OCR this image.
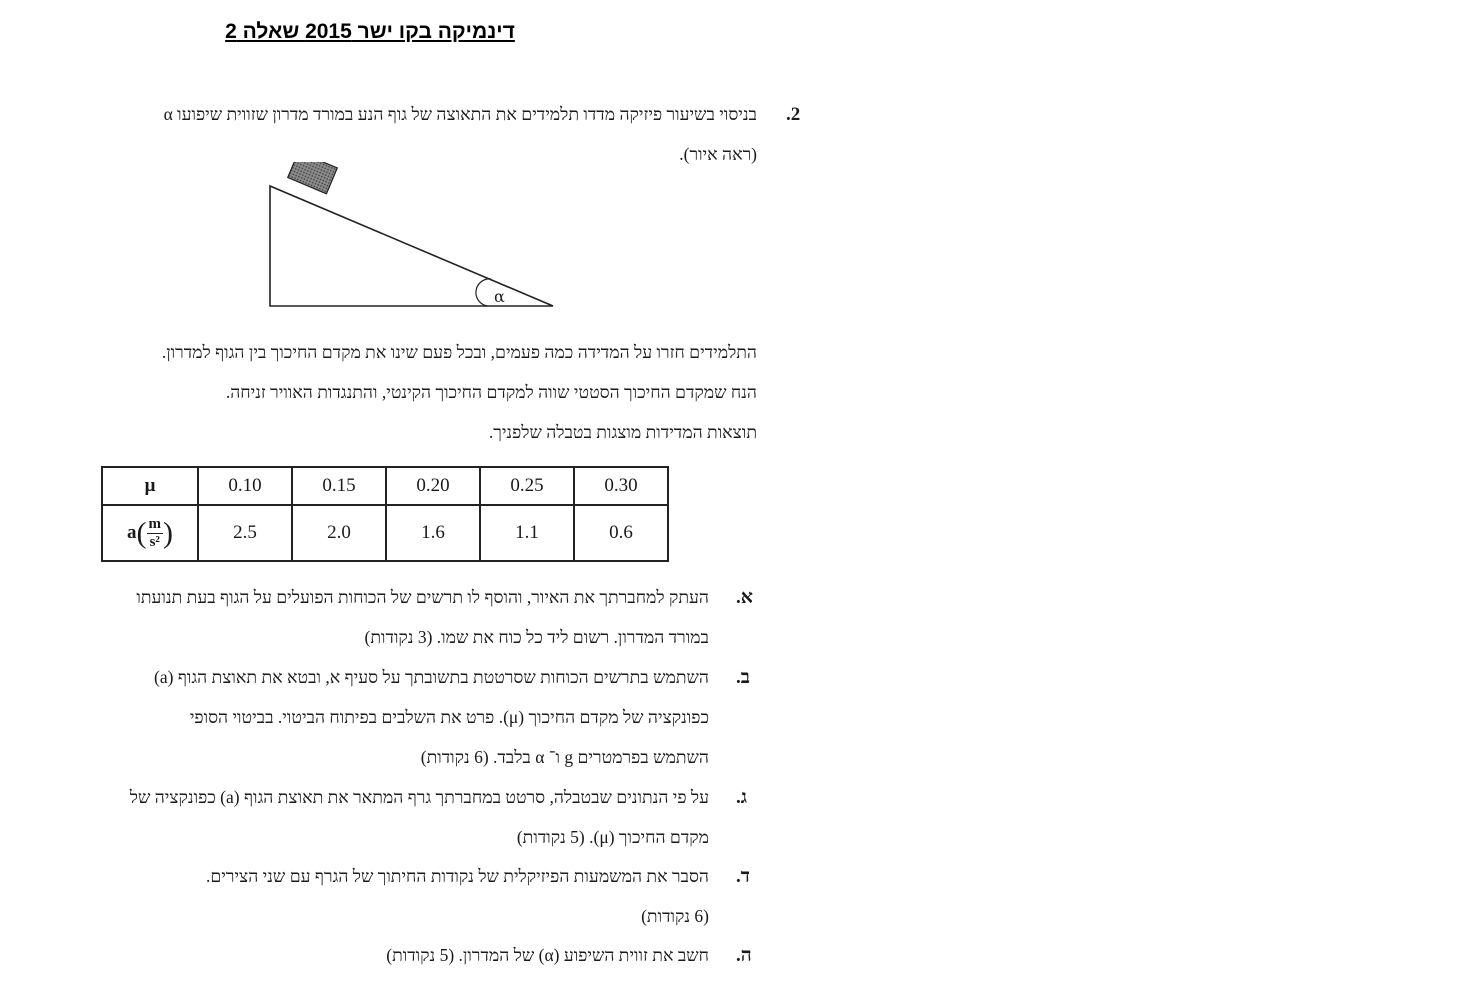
דינמיקה בקו ישר 2015 שאלה 2
2.
בניסוי בשיעור פיזיקה מדדו תלמידים את התאוצה של גוף הנע במורד מדרון שזווית שיפועו α
(ראה איור).
α
התלמידים חזרו על המדידה כמה פעמים, ובכל פעם שינו את מקדם החיכוך בין הגוף למדרון.
הנח שמקדם החיכוך הסטטי שווה למקדם החיכוך הקינטי, והתנגדות האוויר זניחה.
תוצאות המדידות מוצגות בטבלה שלפניך.
μ	0.10	0.15	0.20	0.25	0.30
$a( \frac{m}{\text{s²}}$ )	2.5	2.0	1.6	1.1	0.6
א.
העתק למחברתך את האיור, והוסף לו תרשים של הכוחות הפועלים על הגוף בעת תנועתו
במורד המדרון. רשום ליד כל כוח את שמו. (3 נקודות)
ב.
השתמש בתרשים הכוחות שסרטטת בתשובתך על סעיף א, ובטא את תאוצת הגוף (a)
כפונקציה של מקדם החיכוך (μ). פרט את השלבים בפיתוח הביטוי. בביטוי הסופי
השתמש בפרמטרים g ו־ α בלבד. (6 נקודות)
ג.
על פי הנתונים שבטבלה, סרטט במחברתך גרף המתאר את תאוצת הגוף (a) כפונקציה של
מקדם החיכוך (μ). (5 נקודות)
ד.
הסבר את המשמעות הפיזיקלית של נקודות החיתוך של הגרף עם שני הצירים.
(6 נקודות)
ה.
חשב את זווית השיפוע (α) של המדרון. (5 נקודות)
